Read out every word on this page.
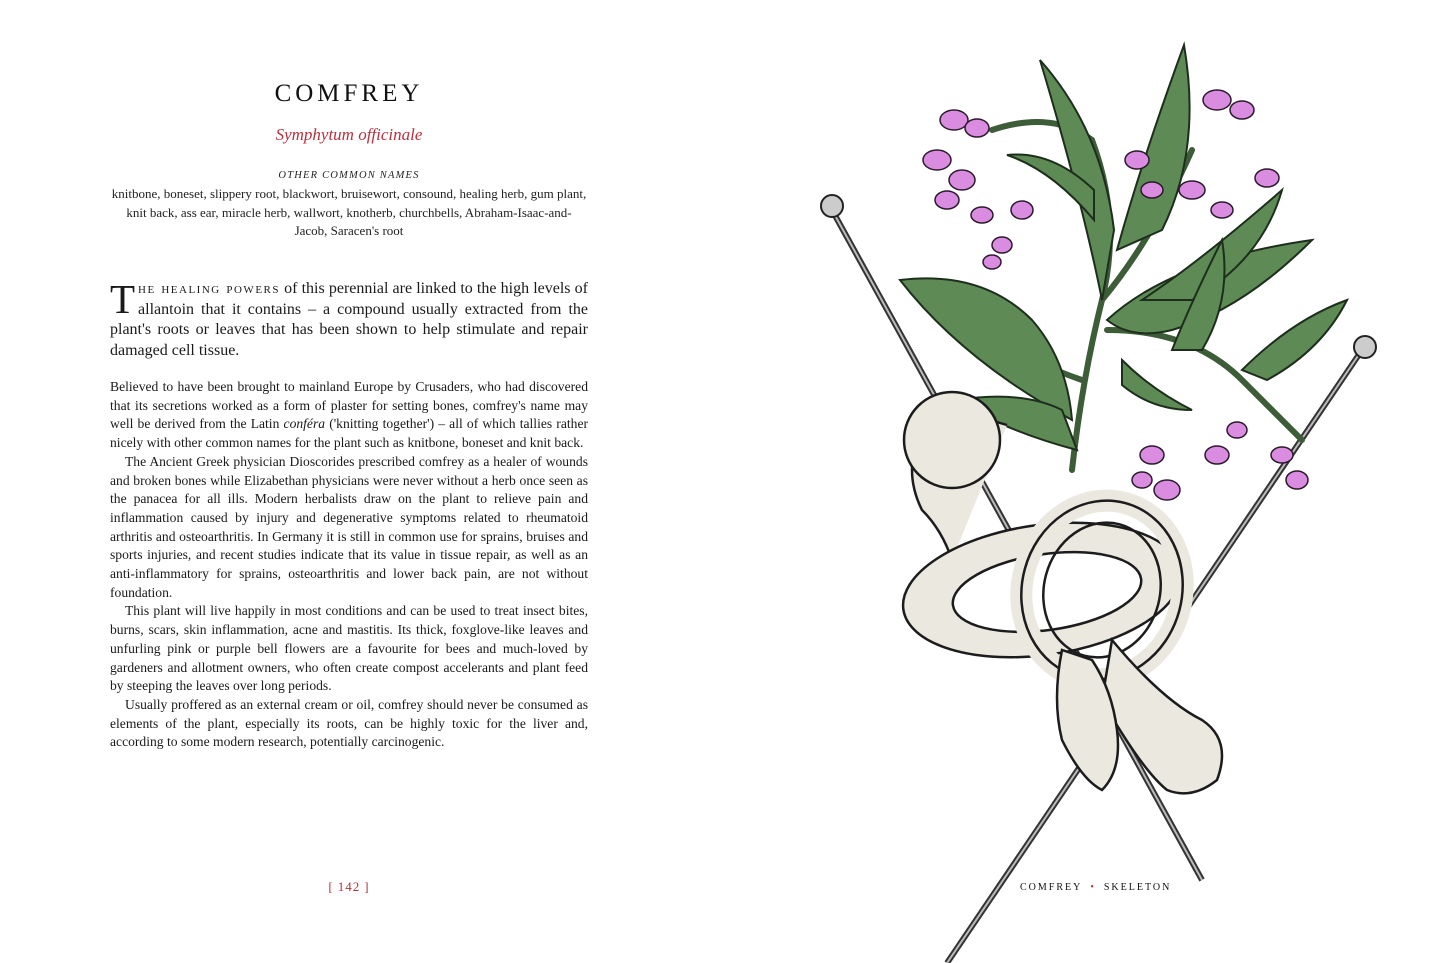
COMFREY
Symphytum officinale
OTHER COMMON NAMES
knitbone, boneset, slippery root, blackwort, bruisewort, consound, healing herb, gum plant, knit back, ass ear, miracle herb, wallwort, knotherb, churchbells, Abraham-Isaac-and-Jacob, Saracen's root
The healing powers of this perennial are linked to the high levels of allantoin that it contains – a compound usually extracted from the plant's roots or leaves that has been shown to help stimulate and repair damaged cell tissue.

Believed to have been brought to mainland Europe by Crusaders, who had discovered that its secretions worked as a form of plaster for setting bones, comfrey's name may well be derived from the Latin conféra ('knitting together') – all of which tallies rather nicely with other common names for the plant such as knitbone, boneset and knit back.

The Ancient Greek physician Dioscorides prescribed comfrey as a healer of wounds and broken bones while Elizabethan physicians were never without a herb once seen as the panacea for all ills. Modern herbalists draw on the plant to relieve pain and inflammation caused by injury and degenerative symptoms related to rheumatoid arthritis and osteoarthritis. In Germany it is still in common use for sprains, bruises and sports injuries, and recent studies indicate that its value in tissue repair, as well as an anti-inflammatory for sprains, osteoarthritis and lower back pain, are not without foundation.

This plant will live happily in most conditions and can be used to treat insect bites, burns, scars, skin inflammation, acne and mastitis. Its thick, foxglove-like leaves and unfurling pink or purple bell flowers are a favourite for bees and much-loved by gardeners and allotment owners, who often create compost accelerants and plant feed by steeping the leaves over long periods.

Usually proffered as an external cream or oil, comfrey should never be consumed as elements of the plant, especially its roots, can be highly toxic for the liver and, according to some modern research, potentially carcinogenic.

[ 142 ]	COMFREY • SKELETON
